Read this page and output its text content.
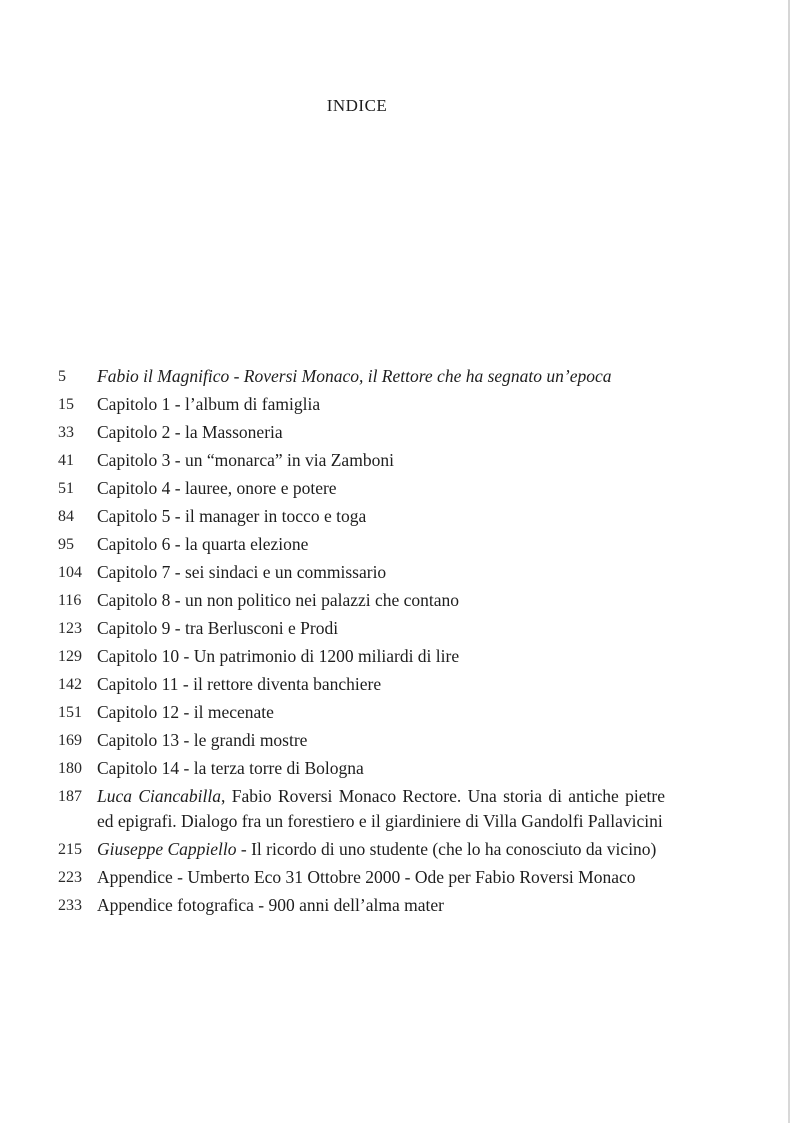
INDICE
5	Fabio il Magnifico - Roversi Monaco, il Rettore che ha segnato un’epoca
15	Capitolo 1 - l’album di famiglia
33	Capitolo 2 - la Massoneria
41	Capitolo 3 - un “monarca” in via Zamboni
51	Capitolo 4 - lauree, onore e potere
84	Capitolo 5 - il manager in tocco e toga
95	Capitolo 6 - la quarta elezione
104 Capitolo 7 - sei sindaci e un commissario
116 Capitolo 8 - un non politico nei palazzi che contano
123 Capitolo 9 - tra Berlusconi e Prodi
129 Capitolo 10 - Un patrimonio di 1200 miliardi di lire
142 Capitolo 11 - il rettore diventa banchiere
151 Capitolo 12 - il mecenate
169 Capitolo 13 - le grandi mostre
180 Capitolo 14 - la terza torre di Bologna
187 Luca Ciancabilla, Fabio Roversi Monaco Rectore. Una storia di antiche pietre ed epigrafi. Dialogo fra un forestiero e il giardiniere di Villa Gandolfi Pallavicini
215 Giuseppe Cappiello - Il ricordo di uno studente (che lo ha conosciuto da vicino)
223 Appendice - Umberto Eco 31 Ottobre 2000 - Ode per Fabio Roversi Monaco
233 Appendice fotografica - 900 anni dell’alma mater
